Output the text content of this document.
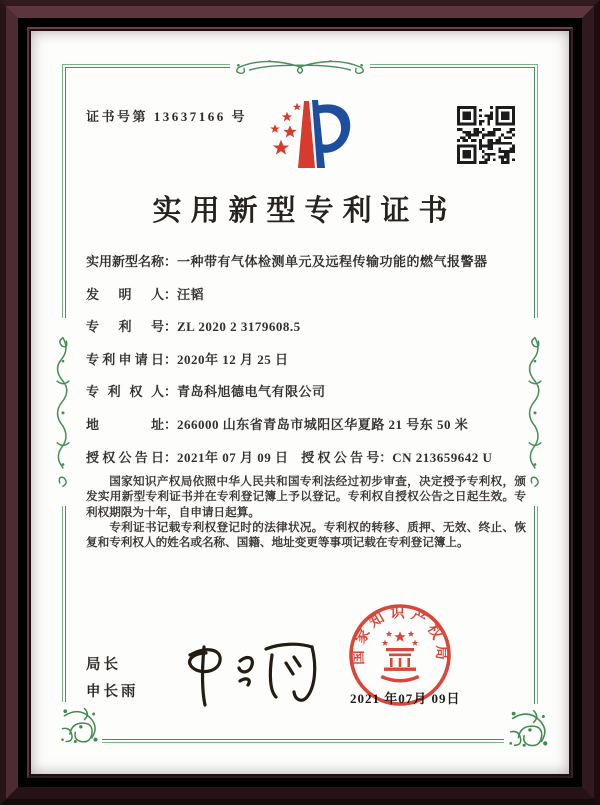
证书号第 13637166 号
实用新型专利证书
实用新型名称：一种带有气体检测单元及远程传输功能的燃气报警器
发明人：汪韬
专利号：ZL 2020 2 3179608.5
专利申请日：2020年 12 月 25 日
专利权人：青岛科旭德电气有限公司
地址：266000 山东省青岛市城阳区华夏路 21 号东 50 米
授权公告日：2021年 07 月 09 日 授权公告号：CN 213659642 U

国家知识产权局依照中华人民共和国专利法经过初步审查，决定授予专利权，颁发实用新型专利证书并在专利登记簿上予以登记。专利权自授权公告之日起生效。专利权期限为十年，自申请日起算。

专利证书记载专利权登记时的法律状况。专利权的转移、质押、无效、终止、恢复和专利权人的姓名或名称、国籍、地址变更等事项记载在专利登记簿上。

局长
申长雨	2021 年07月 09日
国家知识产权局
